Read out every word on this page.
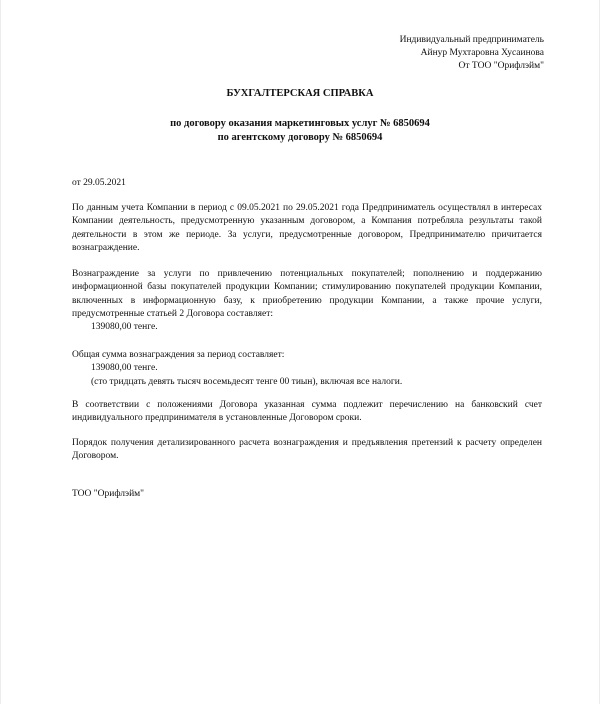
Индивидуальный предприниматель
Айнур Мухтаровна Хусаинова
От ТОО "Орифлэйм"
БУХГАЛТЕРСКАЯ СПРАВКА
по договору оказания маркетинговых услуг № 6850694
по агентскому договору № 6850694
от 29.05.2021
По данным учета Компании в период с 09.05.2021 по 29.05.2021 года Предприниматель осуществлял в интересах Компании деятельность, предусмотренную указанным договором, а Компания потребляла результаты такой деятельности в этом же периоде. За услуги, предусмотренные договором, Предпринимателю причитается вознаграждение.
Вознаграждение за услуги по привлечению потенциальных покупателей; пополнению и поддержанию информационной базы покупателей продукции Компании; стимулированию покупателей продукции Компании, включенных в информационную базу, к приобретению продукции Компании, а также прочие услуги, предусмотренные статьей 2 Договора составляет:
139080,00 тенге.
Общая сумма вознаграждения за период составляет:
139080,00 тенге.
(сто тридцать девять тысяч восемьдесят тенге 00 тиын), включая все налоги.
В соответствии с положениями Договора указанная сумма подлежит перечислению на банковский счет индивидуального предпринимателя в установленные Договором сроки.
Порядок получения детализированного расчета вознаграждения и предъявления претензий к расчету определен Договором.
ТОО "Орифлэйм"
